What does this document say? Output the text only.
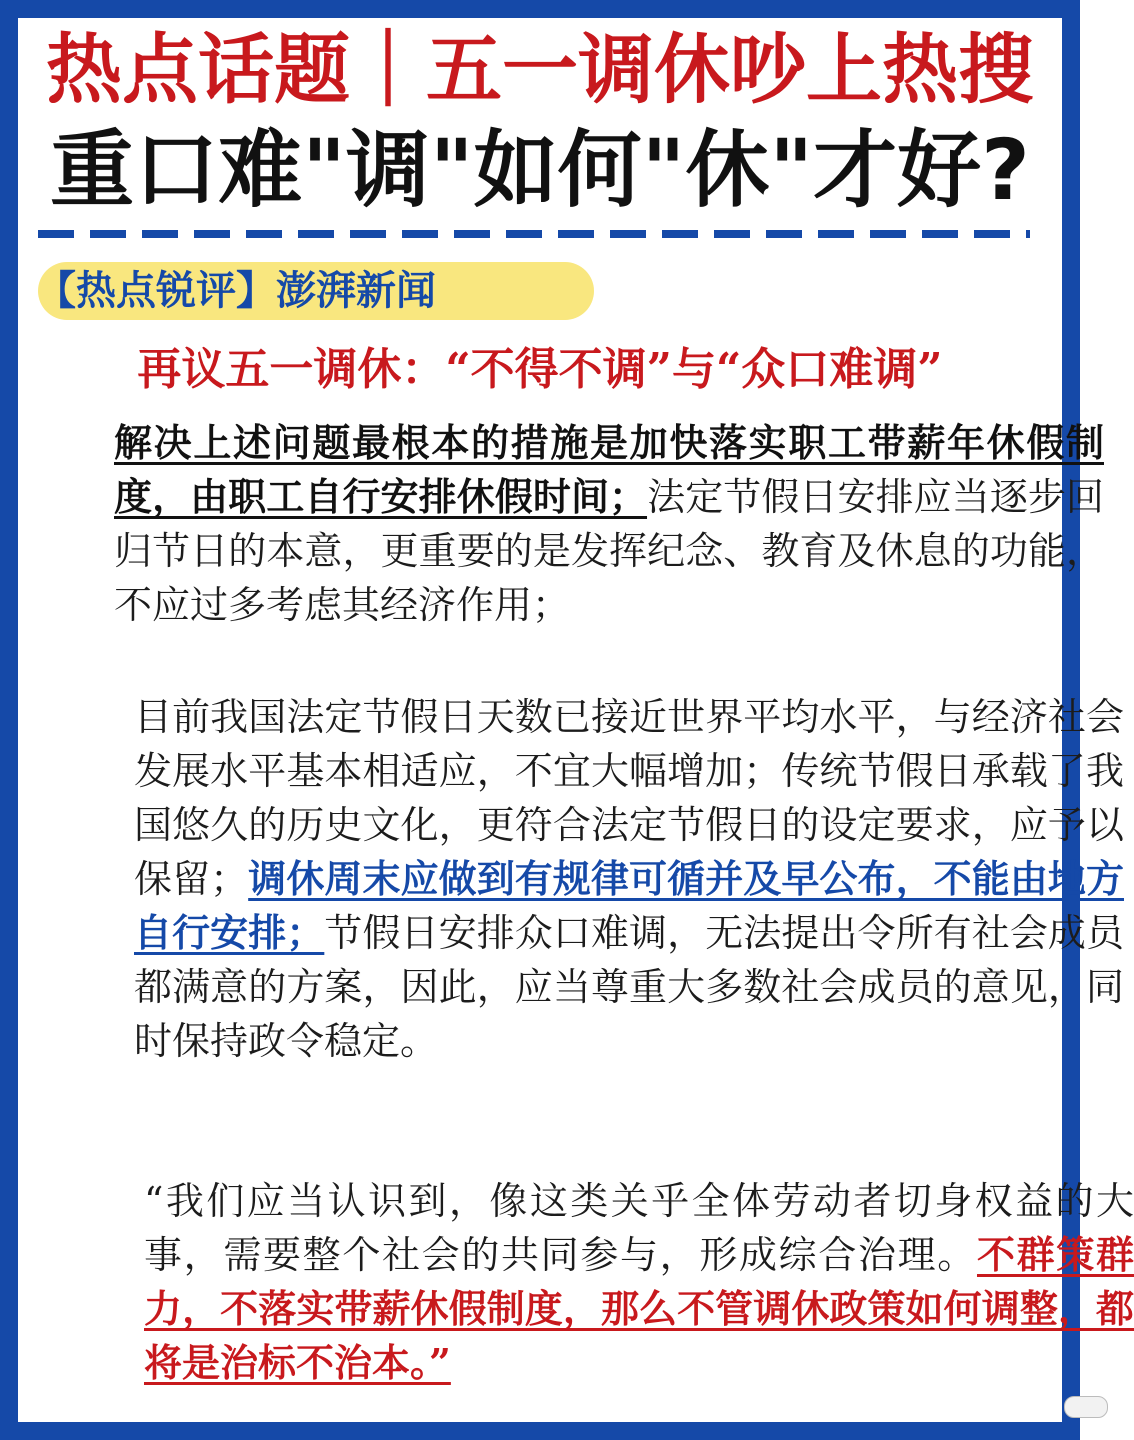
热点话题｜五一调休吵上热搜
重口难"调"如何"休"才好?
【热点锐评】澎湃新闻
再议五一调休：“不得不调”与“众口难调”

解决上述问题最根本的措施是加快落实职工带薪年休假制度，由职工自行安排休假时间；法定节假日安排应当逐步回归节日的本意，更重要的是发挥纪念、教育及休息的功能，不应过多考虑其经济作用；

目前我国法定节假日天数已接近世界平均水平，与经济社会发展水平基本相适应，不宜大幅增加；传统节假日承载了我国悠久的历史文化，更符合法定节假日的设定要求，应予以保留；调休周末应做到有规律可循并及早公布，不能由地方自行安排；节假日安排众口难调，无法提出令所有社会成员都满意的方案，因此，应当尊重大多数社会成员的意见，同时保持政令稳定。

“我们应当认识到，像这类关乎全体劳动者切身权益的大事，需要整个社会的共同参与，形成综合治理。不群策群力，不落实带薪休假制度，那么不管调休政策如何调整，都将是治标不治本。”
